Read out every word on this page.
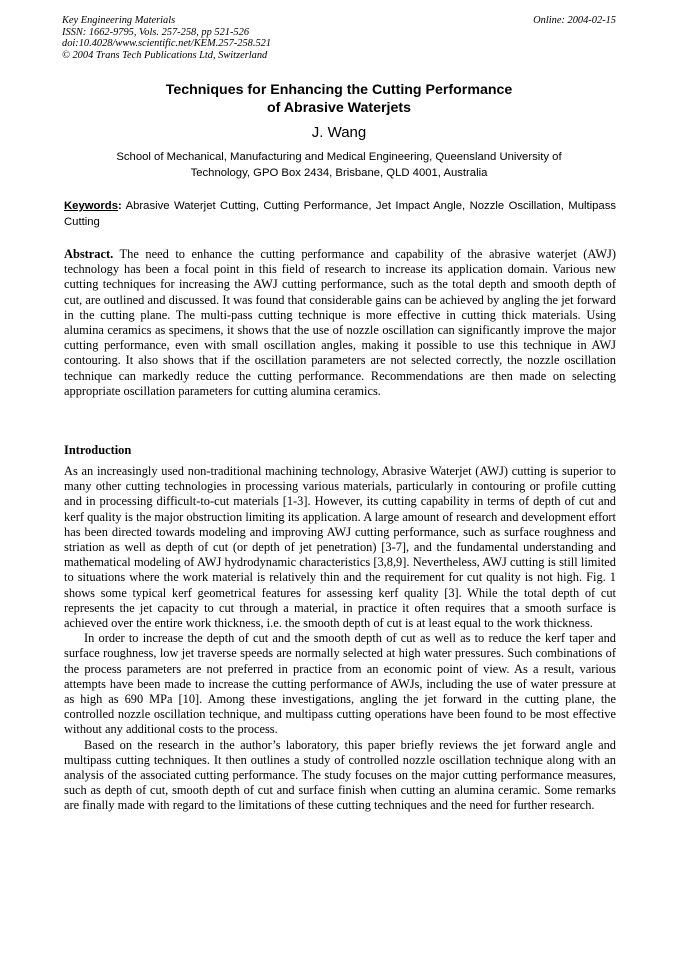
Key Engineering Materials
ISSN: 1662-9795, Vols. 257-258, pp 521-526
doi:10.4028/www.scientific.net/KEM.257-258.521
© 2004 Trans Tech Publications Ltd, Switzerland
Online: 2004-02-15
Techniques for Enhancing the Cutting Performance
of Abrasive Waterjets
J. Wang
School of Mechanical, Manufacturing and Medical Engineering, Queensland University of
Technology, GPO Box 2434, Brisbane, QLD 4001, Australia
Keywords: Abrasive Waterjet Cutting, Cutting Performance, Jet Impact Angle, Nozzle Oscillation, Multipass Cutting

Abstract. The need to enhance the cutting performance and capability of the abrasive waterjet (AWJ) technology has been a focal point in this field of research to increase its application domain. Various new cutting techniques for increasing the AWJ cutting performance, such as the total depth and smooth depth of cut, are outlined and discussed. It was found that considerable gains can be achieved by angling the jet forward in the cutting plane. The multi-pass cutting technique is more effective in cutting thick materials. Using alumina ceramics as specimens, it shows that the use of nozzle oscillation can significantly improve the major cutting performance, even with small oscillation angles, making it possible to use this technique in AWJ contouring. It also shows that if the oscillation parameters are not selected correctly, the nozzle oscillation technique can markedly reduce the cutting performance. Recommendations are then made on selecting appropriate oscillation parameters for cutting alumina ceramics.

Introduction

As an increasingly used non-traditional machining technology, Abrasive Waterjet (AWJ) cutting is superior to many other cutting technologies in processing various materials, particularly in contouring or profile cutting and in processing difficult-to-cut materials [1-3]. However, its cutting capability in terms of depth of cut and kerf quality is the major obstruction limiting its application. A large amount of research and development effort has been directed towards modeling and improving AWJ cutting performance, such as surface roughness and striation as well as depth of cut (or depth of jet penetration) [3-7], and the fundamental understanding and mathematical modeling of AWJ hydrodynamic characteristics [3,8,9]. Nevertheless, AWJ cutting is still limited to situations where the work material is relatively thin and the requirement for cut quality is not high. Fig. 1 shows some typical kerf geometrical features for assessing kerf quality [3]. While the total depth of cut represents the jet capacity to cut through a material, in practice it often requires that a smooth surface is achieved over the entire work thickness, i.e. the smooth depth of cut is at least equal to the work thickness.

In order to increase the depth of cut and the smooth depth of cut as well as to reduce the kerf taper and surface roughness, low jet traverse speeds are normally selected at high water pressures. Such combinations of the process parameters are not preferred in practice from an economic point of view. As a result, various attempts have been made to increase the cutting performance of AWJs, including the use of water pressure at as high as 690 MPa [10]. Among these investigations, angling the jet forward in the cutting plane, the controlled nozzle oscillation technique, and multipass cutting operations have been found to be most effective without any additional costs to the process.

Based on the research in the author’s laboratory, this paper briefly reviews the jet forward angle and multipass cutting techniques. It then outlines a study of controlled nozzle oscillation technique along with an analysis of the associated cutting performance. The study focuses on the major cutting performance measures, such as depth of cut, smooth depth of cut and surface finish when cutting an alumina ceramic. Some remarks are finally made with regard to the limitations of these cutting techniques and the need for further research.
